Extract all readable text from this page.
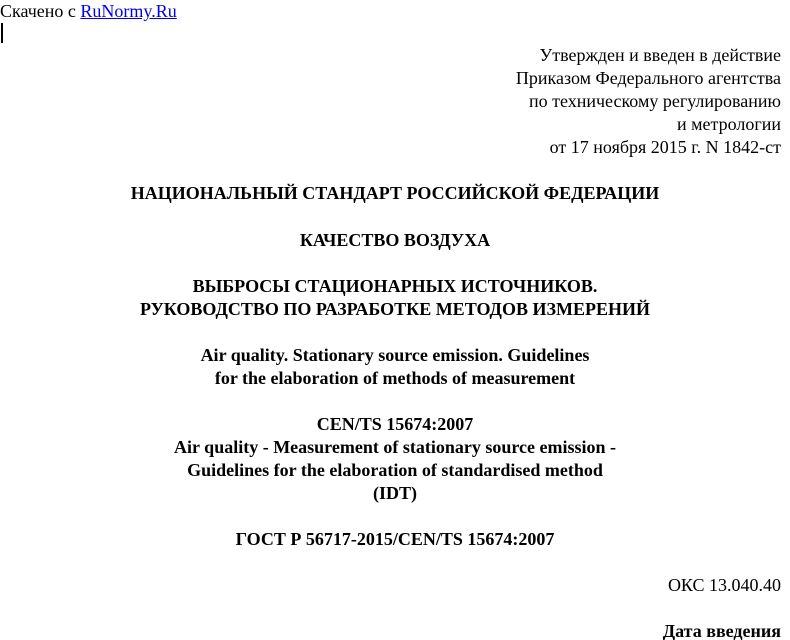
Скачено с RuNormy.Ru
Утвержден и введен в действие
Приказом Федерального агентства
по техническому регулированию
и метрологии
от 17 ноября 2015 г. N 1842-ст
НАЦИОНАЛЬНЫЙ СТАНДАРТ РОССИЙСКОЙ ФЕДЕРАЦИИ
КАЧЕСТВО ВОЗДУХА
ВЫБРОСЫ СТАЦИОНАРНЫХ ИСТОЧНИКОВ.
РУКОВОДСТВО ПО РАЗРАБОТКЕ МЕТОДОВ ИЗМЕРЕНИЙ
Air quality. Stationary source emission. Guidelines
for the elaboration of methods of measurement
CEN/TS 15674:2007
Air quality - Measurement of stationary source emission -
Guidelines for the elaboration of standardised method
(IDT)
ГОСТ Р 56717-2015/CEN/TS 15674:2007
ОКС 13.040.40
Дата введения
